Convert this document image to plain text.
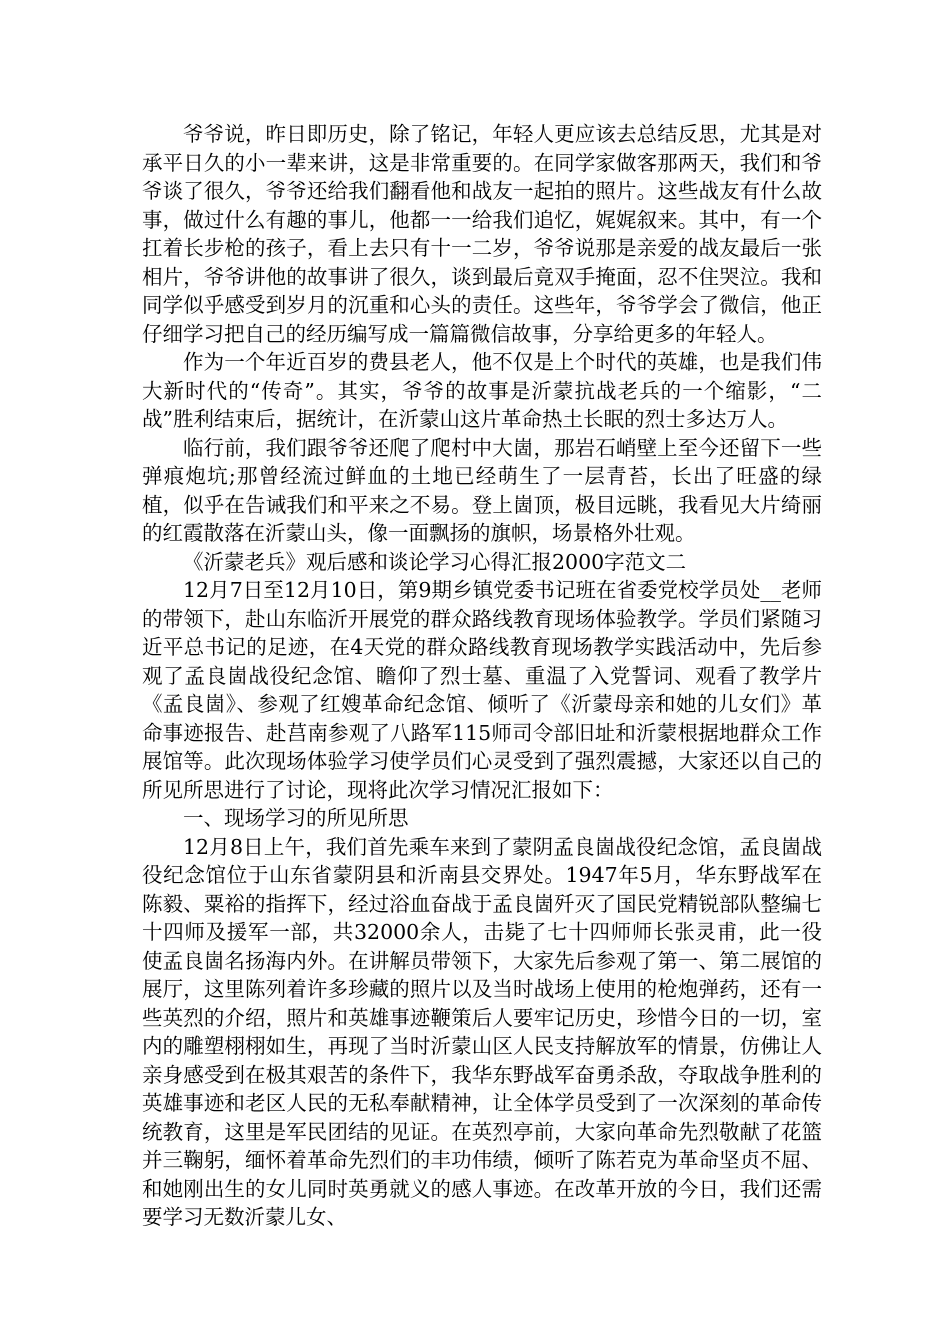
爷爷说，昨日即历史，除了铭记，年轻人更应该去总结反思，尤其是对承平日久的小一辈来讲，这是非常重要的。在同学家做客那两天，我们和爷爷谈了很久，爷爷还给我们翻看他和战友一起拍的照片。这些战友有什么故事，做过什么有趣的事儿，他都一一给我们追忆，娓娓叙来。其中，有一个扛着长步枪的孩子，看上去只有十一二岁，爷爷说那是亲爱的战友最后一张相片，爷爷讲他的故事讲了很久，谈到最后竟双手掩面，忍不住哭泣。我和同学似乎感受到岁月的沉重和心头的责任。这些年，爷爷学会了微信，他正仔细学习把自己的经历编写成一篇篇微信故事，分享给更多的年轻人。

作为一个年近百岁的费县老人，他不仅是上个时代的英雄，也是我们伟大新时代的“传奇”。其实，爷爷的故事是沂蒙抗战老兵的一个缩影，“二战”胜利结束后，据统计，在沂蒙山这片革命热土长眠的烈士多达万人。

临行前，我们跟爷爷还爬了爬村中大崮，那岩石峭壁上至今还留下一些弹痕炮坑;那曾经流过鲜血的土地已经萌生了一层青苔，长出了旺盛的绿植，似乎在告诫我们和平来之不易。登上崮顶，极目远眺，我看见大片绮丽的红霞散落在沂蒙山头，像一面飘扬的旗帜，场景格外壮观。

《沂蒙老兵》观后感和谈论学习心得汇报2000字范文二

12月7日至12月10日，第9期乡镇党委书记班在省委党校学员处__老师的带领下，赴山东临沂开展党的群众路线教育现场体验教学。学员们紧随习近平总书记的足迹，在4天党的群众路线教育现场教学实践活动中，先后参观了孟良崮战役纪念馆、瞻仰了烈士墓、重温了入党誓词、观看了教学片《孟良崮》、参观了红嫂革命纪念馆、倾听了《沂蒙母亲和她的儿女们》革命事迹报告、赴莒南参观了八路军115师司令部旧址和沂蒙根据地群众工作展馆等。此次现场体验学习使学员们心灵受到了强烈震撼，大家还以自己的所见所思进行了讨论，现将此次学习情况汇报如下：

一、现场学习的所见所思

12月8日上午，我们首先乘车来到了蒙阴孟良崮战役纪念馆，孟良崮战役纪念馆位于山东省蒙阴县和沂南县交界处。1947年5月，华东野战军在陈毅、粟裕的指挥下，经过浴血奋战于孟良崮歼灭了国民党精锐部队整编七十四师及援军一部，共32000余人，击毙了七十四师师长张灵甫，此一役使孟良崮名扬海内外。在讲解员带领下，大家先后参观了第一、第二展馆的展厅，这里陈列着许多珍藏的照片以及当时战场上使用的枪炮弹药，还有一些英烈的介绍，照片和英雄事迹鞭策后人要牢记历史，珍惜今日的一切，室内的雕塑栩栩如生，再现了当时沂蒙山区人民支持解放军的情景，仿佛让人亲身感受到在极其艰苦的条件下，我华东野战军奋勇杀敌，夺取战争胜利的英雄事迹和老区人民的无私奉献精神，让全体学员受到了一次深刻的革命传统教育，这里是军民团结的见证。在英烈亭前，大家向革命先烈敬献了花篮并三鞠躬，缅怀着革命先烈们的丰功伟绩，倾听了陈若克为革命坚贞不屈、和她刚出生的女儿同时英勇就义的感人事迹。在改革开放的今日，我们还需要学习无数沂蒙儿女、
